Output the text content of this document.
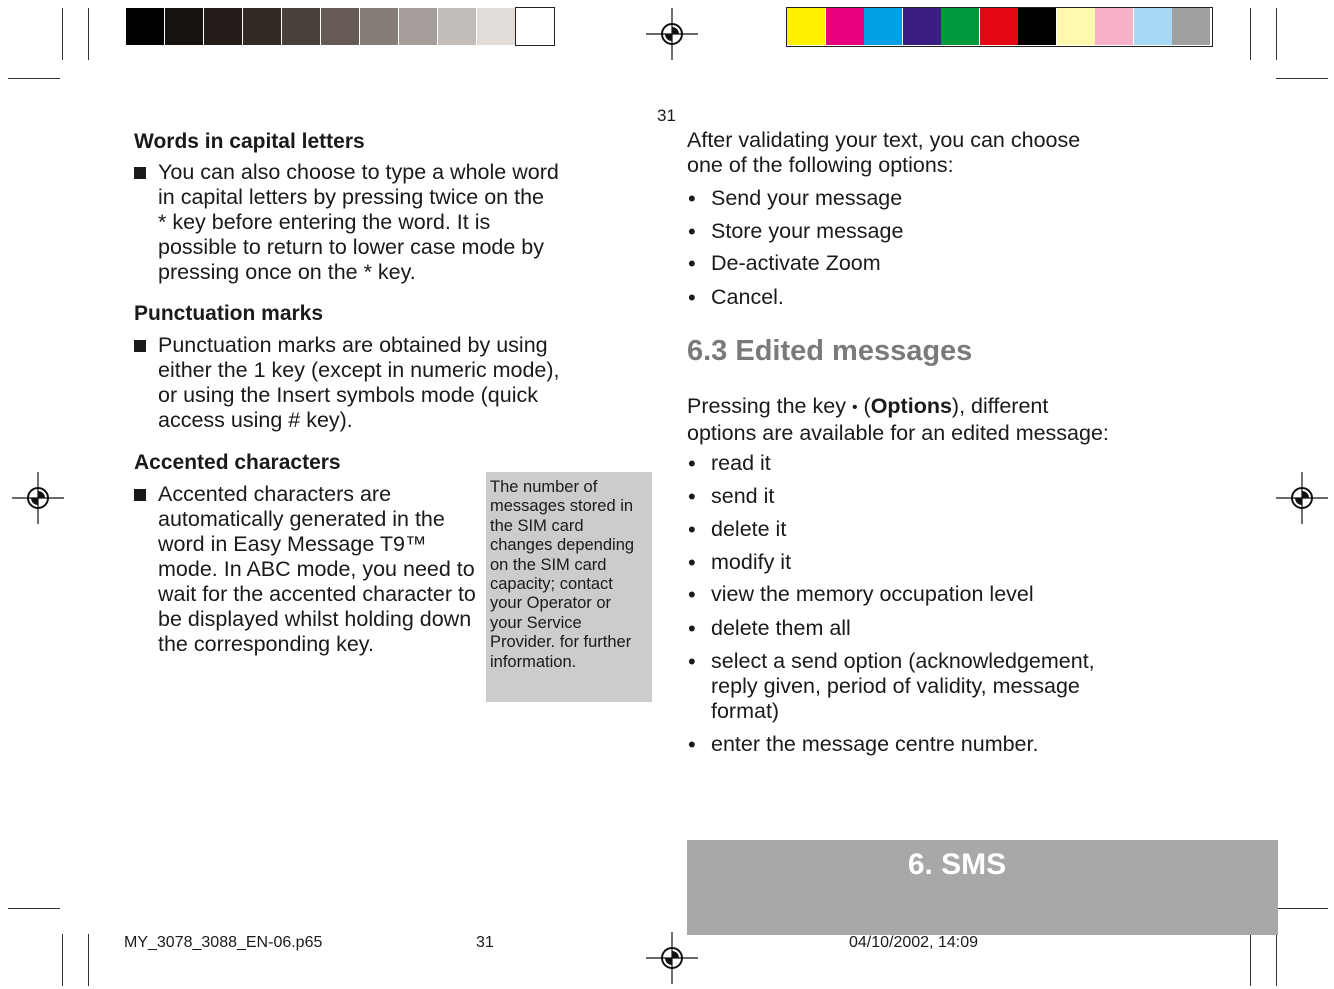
Words in capital letters
You can also choose to type a whole word
in capital letters by pressing twice on the
* key before entering the word. It is
possible to return to lower case mode by
pressing once on the * key.
Punctuation marks
Punctuation marks are obtained by using
either the 1 key (except in numeric mode),
or using the Insert symbols mode (quick
access using # key).
Accented characters
Accented characters are
automatically generated in the
word in Easy Message T9™
mode. In ABC mode, you need to
wait for the accented character to
be displayed whilst holding down
the corresponding key.
The number of
messages stored in
the SIM card
changes depending
on the SIM card
capacity; contact
your Operator or
your Service
Provider. for further
information.
31
After validating your text, you can choose
one of the following options:
• Send your message
• Store your message
• De-activate Zoom
• Cancel.
6.3 Edited messages
Pressing the key • (Options), different
options are available for an edited message:
• read it
• send it
• delete it
• modify it
• view the memory occupation level
• delete them all
• select a send option (acknowledgement,
reply given, period of validity, message
format)
• enter the message centre number.
6. SMS
MY_3078_3088_EN-06.p65	31	04/10/2002, 14:09
